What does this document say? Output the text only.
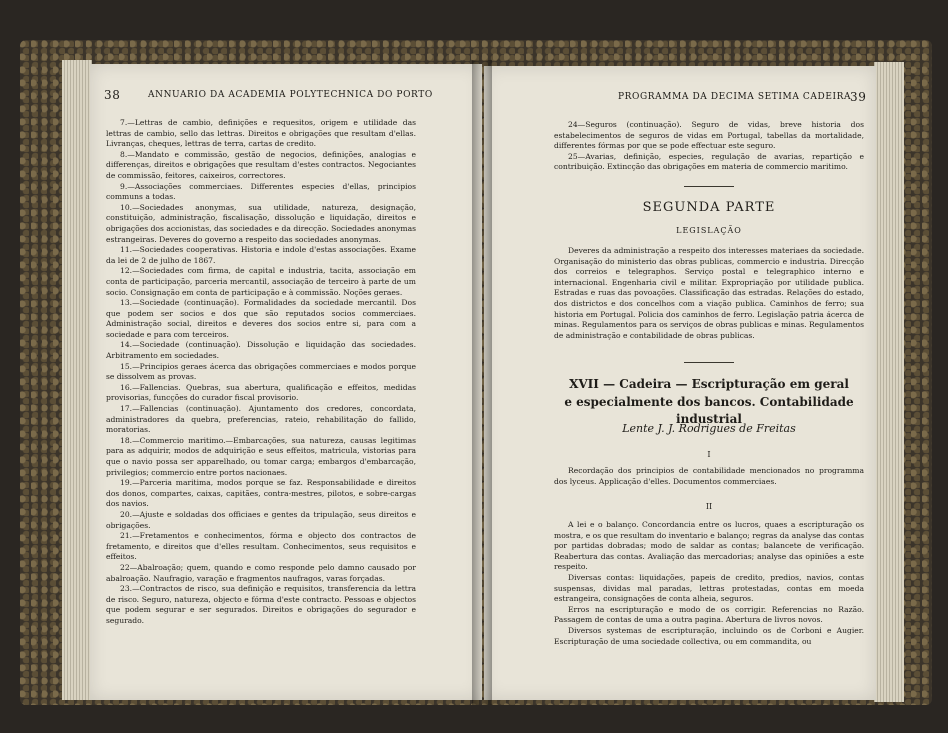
38	ANNUARIO DA ACADEMIA POLYTECHNICA DO PORTO

7.—Lettras de cambio, definições e requesitos, origem e utilidade das lettras de cambio, sello das lettras. Direitos e obrigações que resultam d'ellas. Livranças, cheques, lettras de terra, cartas de credito.

8.—Mandato e commissão, gestão de negocios, definições, analogias e differenças, direitos e obrigações que resultam d'estes contractos. Negociantes de commissão, feitores, caixeiros, correctores.

9.—Associações commerciaes. Differentes especies d'ellas, principios communs a todas.

10.—Sociedades anonymas, sua utilidade, natureza, designação, constituição, administração, fiscalisação, dissolução e liquidação, direitos e obrigações dos accionistas, das sociedades e da direcção. Sociedades anonymas estrangeiras. Deveres do governo a respeito das sociedades anonymas.

11.—Sociedades cooperativas. Historia e indole d'estas associações. Exame da lei de 2 de julho de 1867.

12.—Sociedades com firma, de capital e industria, tacita, associação em conta de participação, parceria mercantil, associação de terceiro à parte de um socio. Consignação em conta de participação e à commissão. Noções geraes.

13.—Sociedade (continuação). Formalidades da sociedade mercantil. Dos que podem ser socios e dos que são reputados socios commerciaes. Administração social, direitos e deveres dos socios entre si, para com a sociedade e para com terceiros.

14.—Sociedade (continuação). Dissolução e liquidação das sociedades. Arbitramento em sociedades.

15.—Principios geraes ácerca das obrigações commerciaes e modos porque se dissolvem as provas.

16.—Fallencias. Quebras, sua abertura, qualificação e effeitos, medidas provisorias, funcções do curador fiscal provisorio.

17.—Fallencias (continuação). Ajuntamento dos credores, concordata, administradores da quebra, preferencias, rateio, rehabilitação do fallido, moratorias.

18.—Commercio maritimo.—Embarcações, sua natureza, causas legitimas para as adquirir, modos de adquirição e seus effeitos, matricula, vistorias para que o navio possa ser apparelhado, ou tomar carga; embargos d'embarcação, privilegios; commercio entre portos nacionaes.

19.—Parceria maritima, modos porque se faz. Responsabilidade e direitos dos donos, compartes, caixas, capitães, contra-mestres, pilotos, e sobre-cargas dos navios.

20.—Ajuste e soldadas dos officiaes e gentes da tripulação, seus direitos e obrigações.

21.—Fretamentos e conhecimentos, fórma e objecto dos contractos de fretamento, e direitos que d'elles resultam. Conhecimentos, seus requisitos e effeitos.

22—Abalroação; quem, quando e como responde pelo damno causado por abalroação. Naufragio, varação e fragmentos naufragos, varas forçadas.

23.—Contractos de risco, sua definição e requisitos, transferencia da lettra de risco. Seguro, natureza, objecto e fórma d'este contracto. Pessoas e objectos que podem segurar e ser segurados. Direitos e obrigações do segurador e segurado.

PROGRAMMA DA DECIMA SETIMA CADEIRA
39

24—Seguros (continuação). Seguro de vidas, breve historia dos estabelecimentos de seguros de vidas em Portugal, tabellas da mortalidade, differentes fórmas por que se pode effectuar este seguro.

25—Avarias, definição, especies, regulação de avarias, repartição e contribuição. Extincção das obrigações em materia de commercio maritimo.

SEGUNDA PARTE
LEGISLAÇÃO

Deveres da administração a respeito dos interesses materiaes da sociedade. Organisação do ministerio das obras publicas, commercio e industria. Direcção dos correios e telegraphos. Serviço postal e telegraphico interno e internacional. Engenharia civil e militar. Expropriação por utilidade publica. Estradas e ruas das povoações. Classificação das estradas. Relações do estado, dos districtos e dos concelhos com a viação publica. Caminhos de ferro; sua historia em Portugal. Policia dos caminhos de ferro. Legislação patria ácerca de minas. Regulamentos para os serviços de obras publicas e minas. Regulamentos de administração e contabilidade de obras publicas.

XVII — Cadeira — Escripturação em geral
e especialmente dos bancos. Contabilidade industrial
Lente J. J. Rodrigues de Freitas
I

Recordação dos principios de contabilidade mencionados no programma dos lyceus. Applicação d'elles. Documentos commerciaes.

II

A lei e o balanço. Concordancia entre os lucros, quaes a escripturação os mostra, e os que resultam do inventario e balanço; regras da analyse das contas por partidas dobradas; modo de saldar as contas; balancete de verificação. Reabertura das contas. Avaliação das mercadorias; analyse das opiniões a este respeito.

Diversas contas: liquidações, papeis de credito, predios, navios, contas suspensas, dividas mal paradas, lettras protestadas, contas em moeda estrangeira, consignações de conta alheia, seguros.

Erros na escripturação e modo de os corrigir. Referencias no Razão. Passagem de contas de uma a outra pagina. Abertura de livros novos.

Diversos systemas de escripturação, incluindo os de Corboni e Augier. Escripturação de uma sociedade collectiva, ou em commandita, ou
